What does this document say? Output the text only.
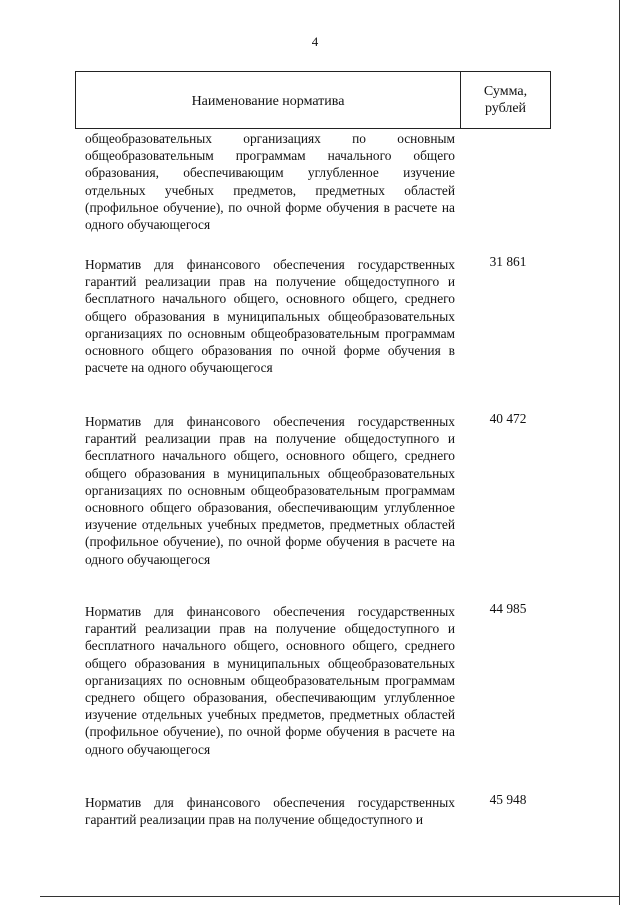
4
Наименование норматива
Сумма,
рублей
общеобразовательных организациях по основным общеобразовательным программам начального общего образования, обеспечивающим углубленное изучение отдельных учебных предметов, предметных областей (профильное обучение), по очной форме обучения в расчете на одного обучающегося
Норматив для финансового обеспечения государственных гарантий реализации прав на получение общедоступного и бесплатного начального общего, основного общего, среднего общего образования в муниципальных общеобразовательных организациях по основным общеобразовательным программам основного общего образования по очной форме обучения в расчете на одного обучающегося
31 861
Норматив для финансового обеспечения государственных гарантий реализации прав на получение общедоступного и бесплатного начального общего, основного общего, среднего общего образования в муниципальных общеобразовательных организациях по основным общеобразовательным программам основного общего образования, обеспечивающим углубленное изучение отдельных учебных предметов, предметных областей (профильное обучение), по очной форме обучения в расчете на одного обучающегося
40 472
Норматив для финансового обеспечения государственных гарантий реализации прав на получение общедоступного и бесплатного начального общего, основного общего, среднего общего образования в муниципальных общеобразовательных организациях по основным общеобразовательным программам среднего общего образования, обеспечивающим углубленное изучение отдельных учебных предметов, предметных областей (профильное обучение), по очной форме обучения в расчете на одного обучающегося
44 985
Норматив для финансового обеспечения государственных гарантий реализации прав на получение общедоступного и
45 948
